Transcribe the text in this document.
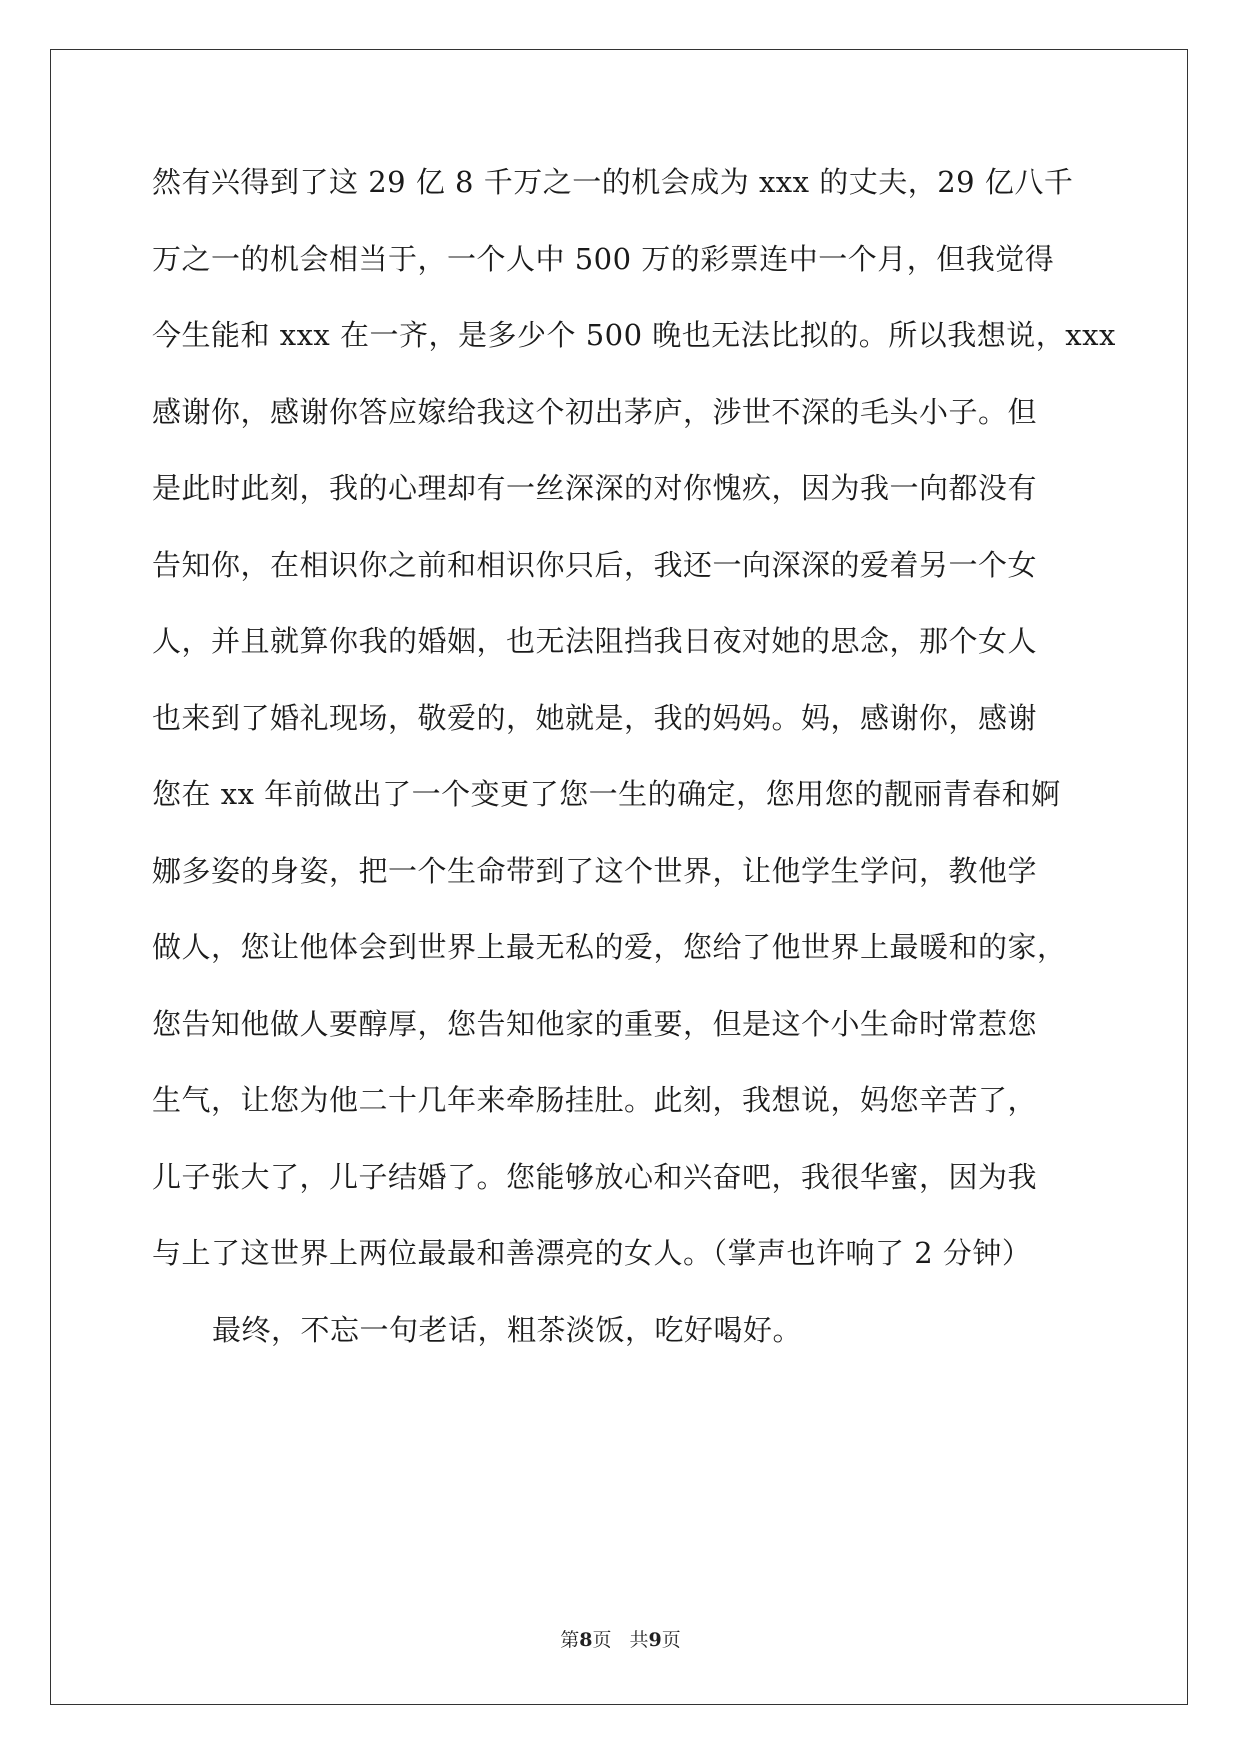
然有兴得到了这 29 亿 8 千万之一的机会成为 xxx 的丈夫，29 亿八千
万之一的机会相当于，一个人中 500 万的彩票连中一个月，但我觉得
今生能和 xxx 在一齐，是多少个 500 晚也无法比拟的。所以我想说，xxx
感谢你，感谢你答应嫁给我这个初出茅庐，涉世不深的毛头小子。但
是此时此刻，我的心理却有一丝深深的对你愧疚，因为我一向都没有
告知你，在相识你之前和相识你只后，我还一向深深的爱着另一个女
人，并且就算你我的婚姻，也无法阻挡我日夜对她的思念，那个女人
也来到了婚礼现场，敬爱的，她就是，我的妈妈。妈，感谢你，感谢
您在 xx 年前做出了一个变更了您一生的确定，您用您的靓丽青春和婀
娜多姿的身姿，把一个生命带到了这个世界，让他学生学问，教他学
做人，您让他体会到世界上最无私的爱，您给了他世界上最暖和的家，
您告知他做人要醇厚，您告知他家的重要，但是这个小生命时常惹您
生气，让您为他二十几年来牵肠挂肚。此刻，我想说，妈您辛苦了，
儿子张大了，儿子结婚了。您能够放心和兴奋吧，我很华蜜，因为我
与上了这世界上两位最最和善漂亮的女人。（掌声也许响了 2 分钟）
最终，不忘一句老话，粗茶淡饭，吃好喝好。
第8页 共9页
